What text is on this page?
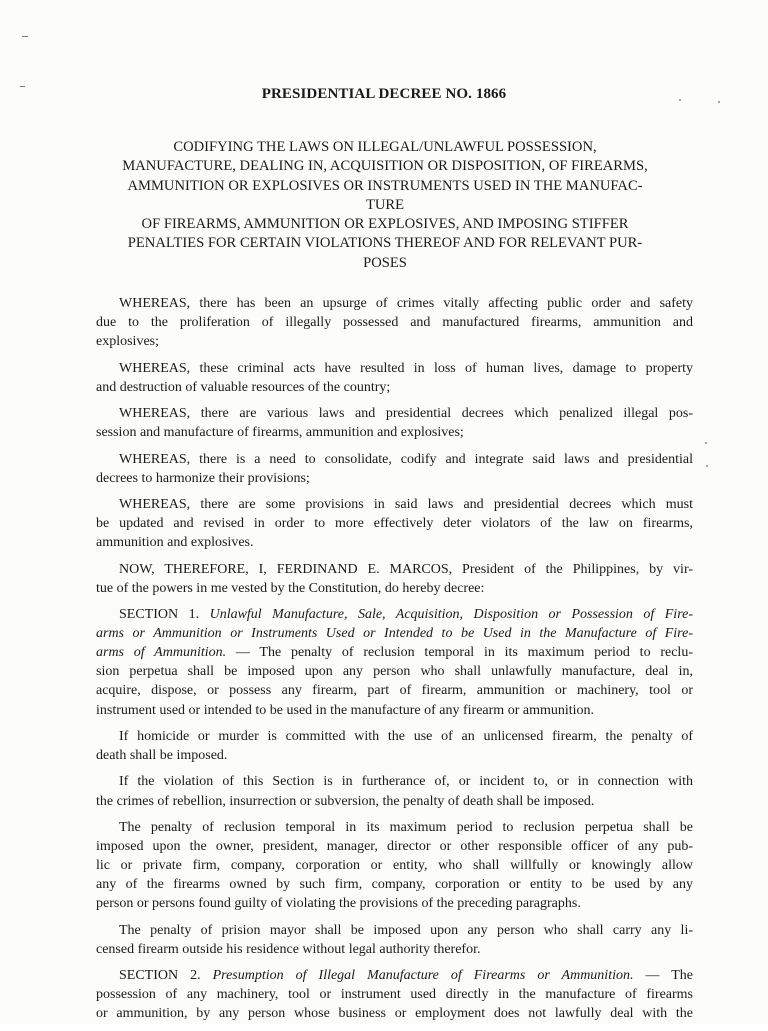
PRESIDENTIAL DECREE NO. 1866
CODIFYING THE LAWS ON ILLEGAL/UNLAWFUL POSSESSION,
MANUFACTURE, DEALING IN, ACQUISITION OR DISPOSITION, OF FIREARMS,
AMMUNITION OR EXPLOSIVES OR INSTRUMENTS USED IN THE MANUFAC-
TURE
OF FIREARMS, AMMUNITION OR EXPLOSIVES, AND IMPOSING STIFFER
PENALTIES FOR CERTAIN VIOLATIONS THEREOF AND FOR RELEVANT PUR-
POSES
WHEREAS, there has been an upsurge of crimes vitally affecting public order and safety
due to the proliferation of illegally possessed and manufactured firearms, ammunition and
explosives;
WHEREAS, these criminal acts have resulted in loss of human lives, damage to property
and destruction of valuable resources of the country;
WHEREAS, there are various laws and presidential decrees which penalized illegal pos-
session and manufacture of firearms, ammunition and explosives;
WHEREAS, there is a need to consolidate, codify and integrate said laws and presidential
decrees to harmonize their provisions;
WHEREAS, there are some provisions in said laws and presidential decrees which must
be updated and revised in order to more effectively deter violators of the law on firearms,
ammunition and explosives.
NOW, THEREFORE, I, FERDINAND E. MARCOS, President of the Philippines, by vir-
tue of the powers in me vested by the Constitution, do hereby decree:
SECTION 1. Unlawful Manufacture, Sale, Acquisition, Disposition or Possession of Fire-
arms or Ammunition or Instruments Used or Intended to be Used in the Manufacture of Fire-
arms of Ammunition. — The penalty of reclusion temporal in its maximum period to reclu-
sion perpetua shall be imposed upon any person who shall unlawfully manufacture, deal in,
acquire, dispose, or possess any firearm, part of firearm, ammunition or machinery, tool or
instrument used or intended to be used in the manufacture of any firearm or ammunition.
If homicide or murder is committed with the use of an unlicensed firearm, the penalty of
death shall be imposed.
If the violation of this Section is in furtherance of, or incident to, or in connection with
the crimes of rebellion, insurrection or subversion, the penalty of death shall be imposed.
The penalty of reclusion temporal in its maximum period to reclusion perpetua shall be
imposed upon the owner, president, manager, director or other responsible officer of any pub-
lic or private firm, company, corporation or entity, who shall willfully or knowingly allow
any of the firearms owned by such firm, company, corporation or entity to be used by any
person or persons found guilty of violating the provisions of the preceding paragraphs.
The penalty of prision mayor shall be imposed upon any person who shall carry any li-
censed firearm outside his residence without legal authority therefor.
SECTION 2. Presumption of Illegal Manufacture of Firearms or Ammunition. — The
possession of any machinery, tool or instrument used directly in the manufacture of firearms
or ammunition, by any person whose business or employment does not lawfully deal with the
